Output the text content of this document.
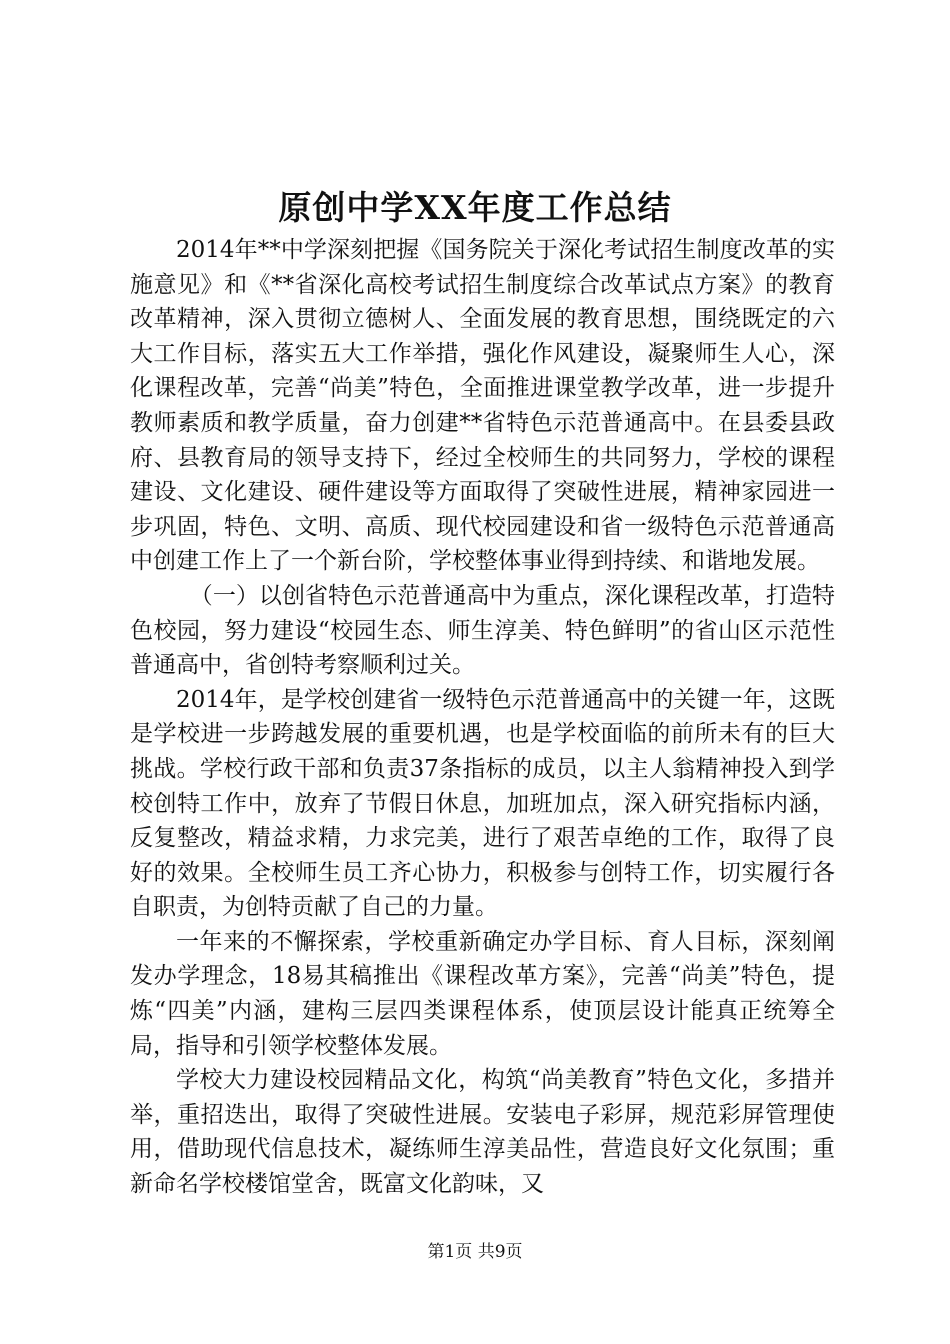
原创中学XX年度工作总结

2014年**中学深刻把握《国务院关于深化考试招生制度改革的实施意见》和《**省深化高校考试招生制度综合改革试点方案》的教育改革精神，深入贯彻立德树人、全面发展的教育思想，围绕既定的六大工作目标，落实五大工作举措，强化作风建设，凝聚师生人心，深化课程改革，完善“尚美”特色，全面推进课堂教学改革，进一步提升教师素质和教学质量，奋力创建**省特色示范普通高中。在县委县政府、县教育局的领导支持下，经过全校师生的共同努力，学校的课程建设、文化建设、硬件建设等方面取得了突破性进展，精神家园进一步巩固，特色、文明、高质、现代校园建设和省一级特色示范普通高中创建工作上了一个新台阶，学校整体事业得到持续、和谐地发展。

（一）以创省特色示范普通高中为重点，深化课程改革，打造特色校园，努力建设“校园生态、师生淳美、特色鲜明”的省山区示范性普通高中，省创特考察顺利过关。

2014年，是学校创建省一级特色示范普通高中的关键一年，这既是学校进一步跨越发展的重要机遇，也是学校面临的前所未有的巨大挑战。学校行政干部和负责37条指标的成员，以主人翁精神投入到学校创特工作中，放弃了节假日休息，加班加点，深入研究指标内涵，反复整改，精益求精，力求完美，进行了艰苦卓绝的工作，取得了良好的效果。全校师生员工齐心协力，积极参与创特工作，切实履行各自职责，为创特贡献了自己的力量。

一年来的不懈探索，学校重新确定办学目标、育人目标，深刻阐发办学理念，18易其稿推出《课程改革方案》，完善“尚美”特色，提炼“四美”内涵，建构三层四类课程体系，使顶层设计能真正统筹全局，指导和引领学校整体发展。

学校大力建设校园精品文化，构筑“尚美教育”特色文化，多措并举，重招迭出，取得了突破性进展。安装电子彩屏，规范彩屏管理使用，借助现代信息技术，凝练师生淳美品性，营造良好文化氛围；重新命名学校楼馆堂舍，既富文化韵味，又

第1页 共9页
